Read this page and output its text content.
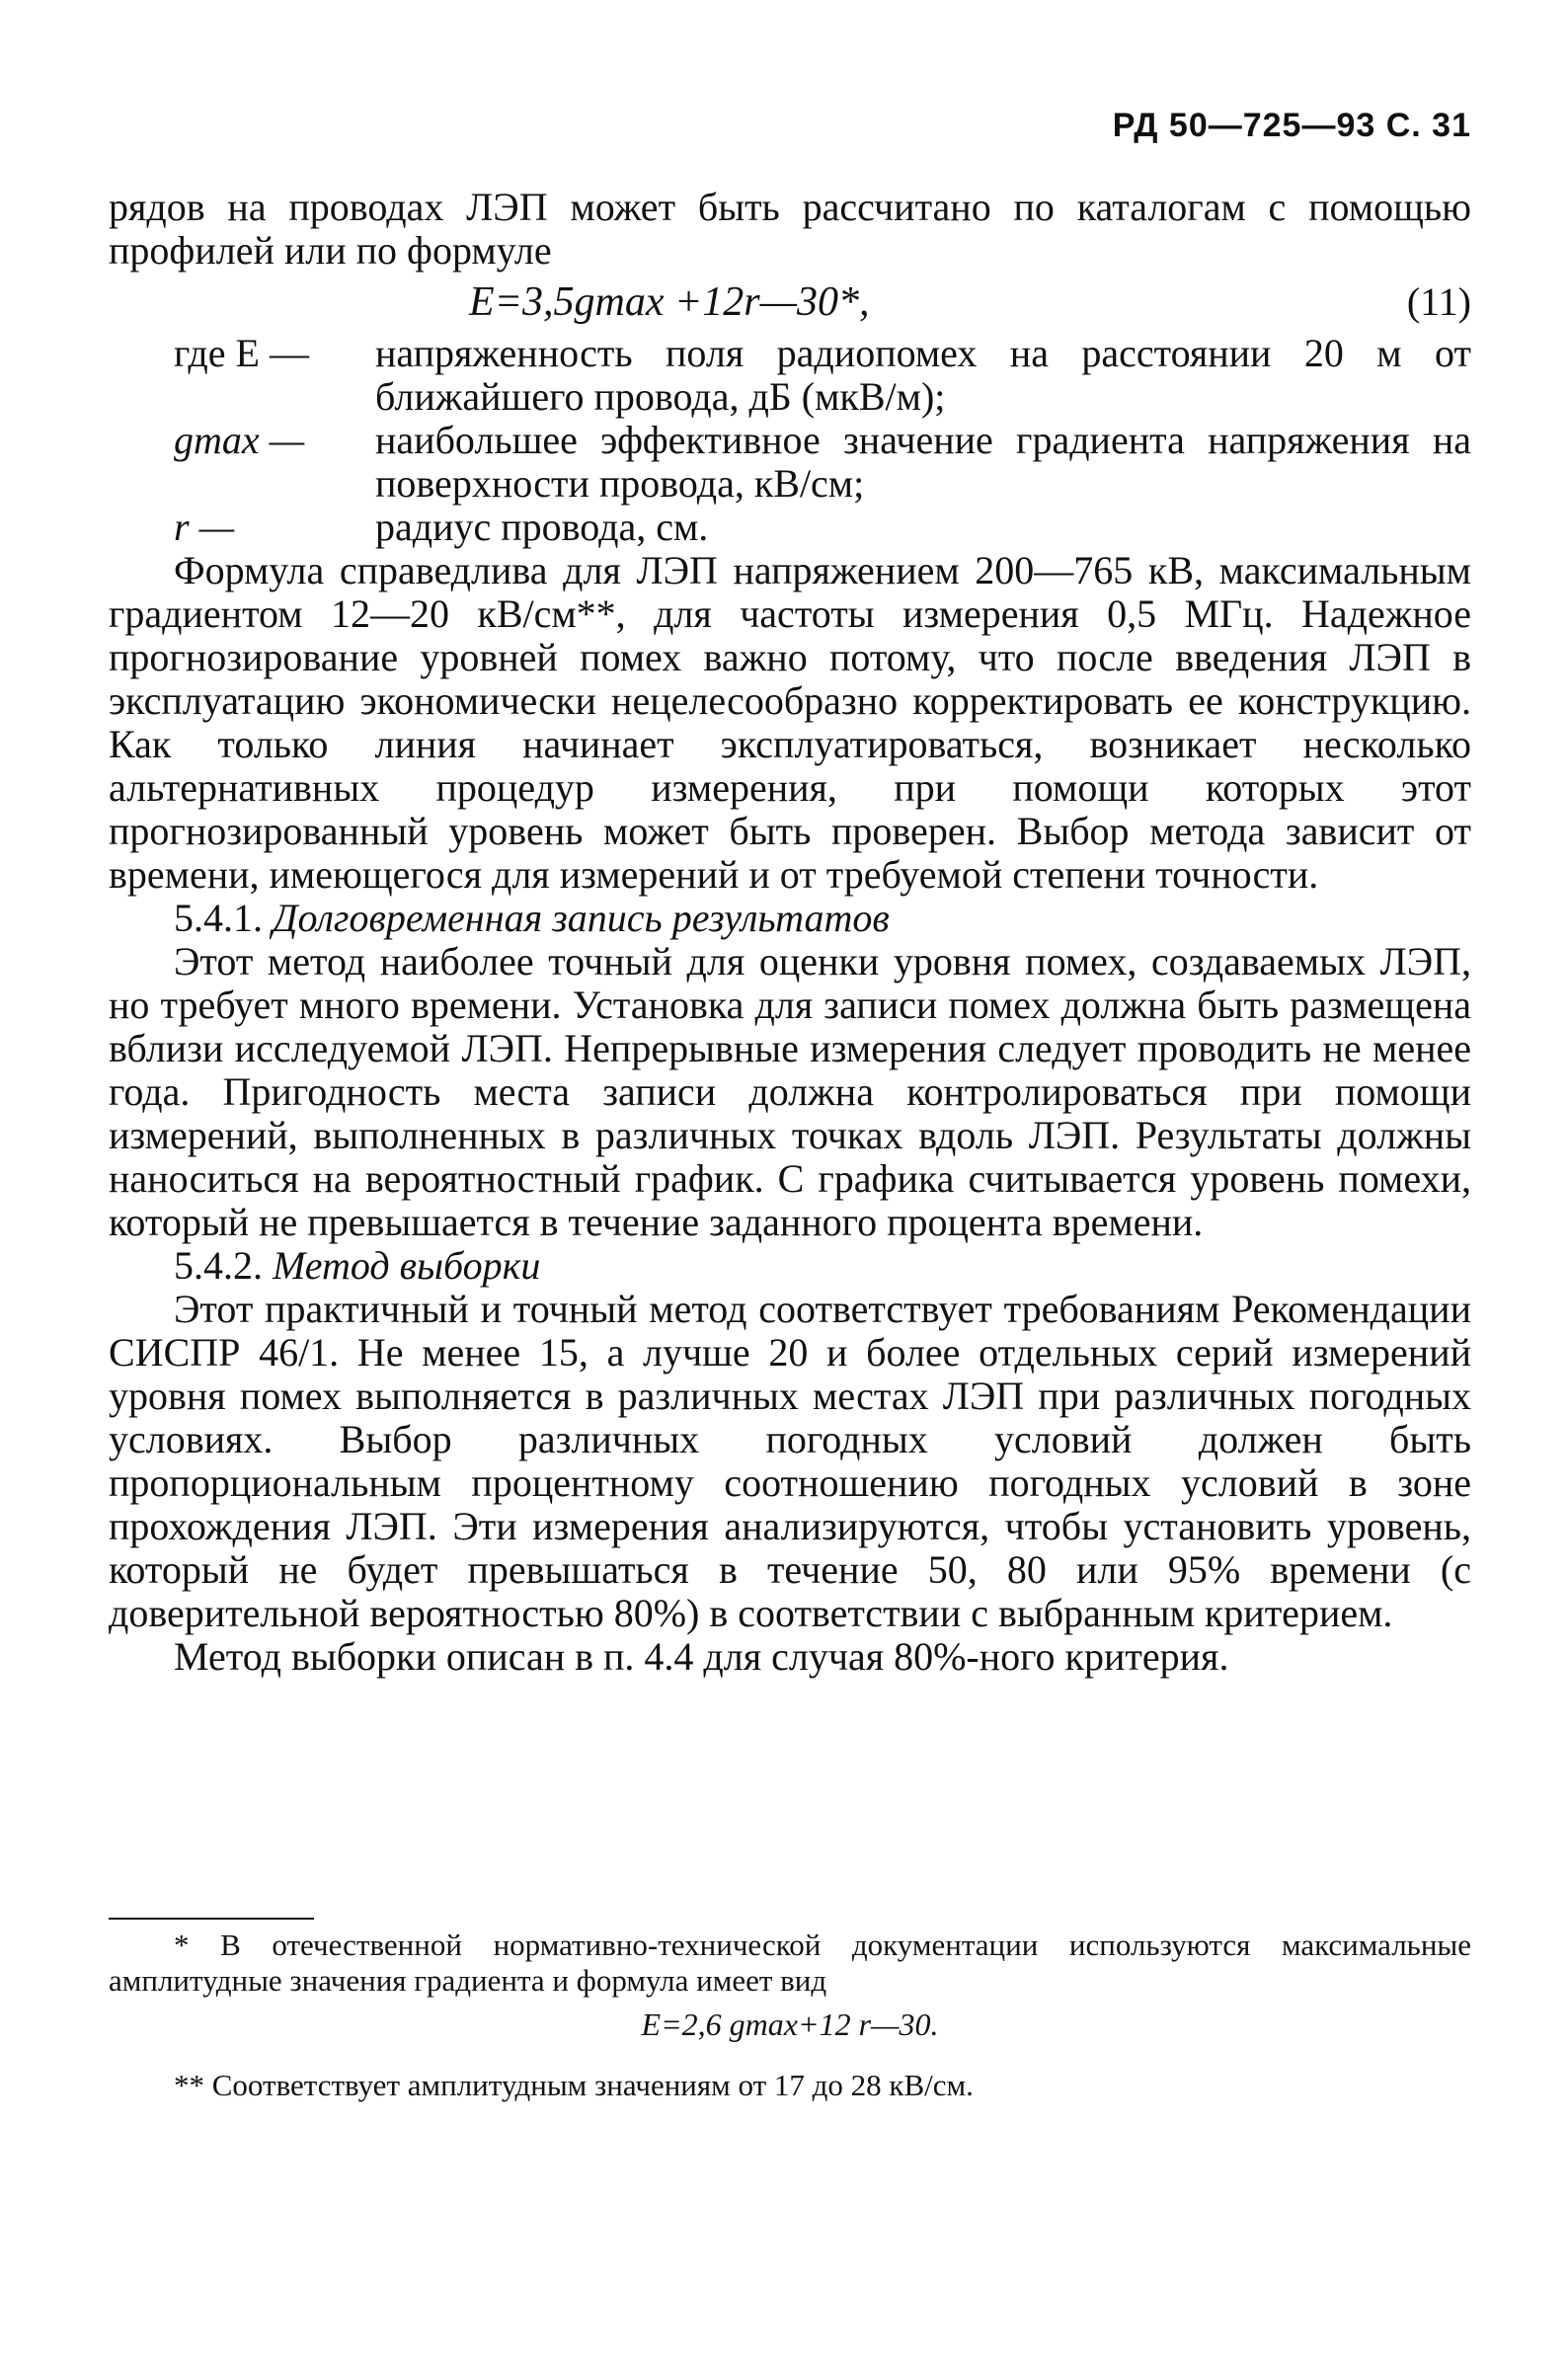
РД 50—725—93 С. 31

рядов на проводах ЛЭП может быть рассчитано по каталогам с помощью профилей или по формуле

E=3,5gmax +12r—30*,	(11)
где E —	напряженность поля радиопомех на расстоянии 20 м от ближайшего провода, дБ (мкВ/м);
gmax —	наибольшее эффективное значение градиента напряжения на поверхности провода, кВ/см;
r —	радиус провода, см.

Формула справедлива для ЛЭП напряжением 200—765 кВ, максимальным градиентом 12—20 кВ/см**, для частоты измерения 0,5 МГц. Надежное прогнозирование уровней помех важно потому, что после введения ЛЭП в эксплуатацию экономически нецелесообразно корректировать ее конструкцию. Как только линия начинает эксплуатироваться, возникает несколько альтернативных процедур измерения, при помощи которых этот прогнозированный уровень может быть проверен. Выбор метода зависит от времени, имеющегося для измерений и от требуемой степени точности.

5.4.1. Долговременная запись результатов

Этот метод наиболее точный для оценки уровня помех, создаваемых ЛЭП, но требует много времени. Установка для записи помех должна быть размещена вблизи исследуемой ЛЭП. Непрерывные измерения следует проводить не менее года. Пригодность места записи должна контролироваться при помощи измерений, выполненных в различных точках вдоль ЛЭП. Результаты должны наноситься на вероятностный график. С графика считывается уровень помехи, который не превышается в течение заданного процента времени.

5.4.2. Метод выборки

Этот практичный и точный метод соответствует требованиям Рекомендации СИСПР 46/1. Не менее 15, а лучше 20 и более отдельных серий измерений уровня помех выполняется в различных местах ЛЭП при различных погодных условиях. Выбор различных погодных условий должен быть пропорциональным процентному соотношению погодных условий в зоне прохождения ЛЭП. Эти измерения анализируются, чтобы установить уровень, который не будет превышаться в течение 50, 80 или 95% времени (с доверительной вероятностью 80%) в соответствии с выбранным критерием.

Метод выборки описан в п. 4.4 для случая 80%-ного критерия.

* В отечественной нормативно-технической документации используются максимальные амплитудные значения градиента и формула имеет вид

E=2,6 gmax+12 r—30.

** Соответствует амплитудным значениям от 17 до 28 кВ/см.
